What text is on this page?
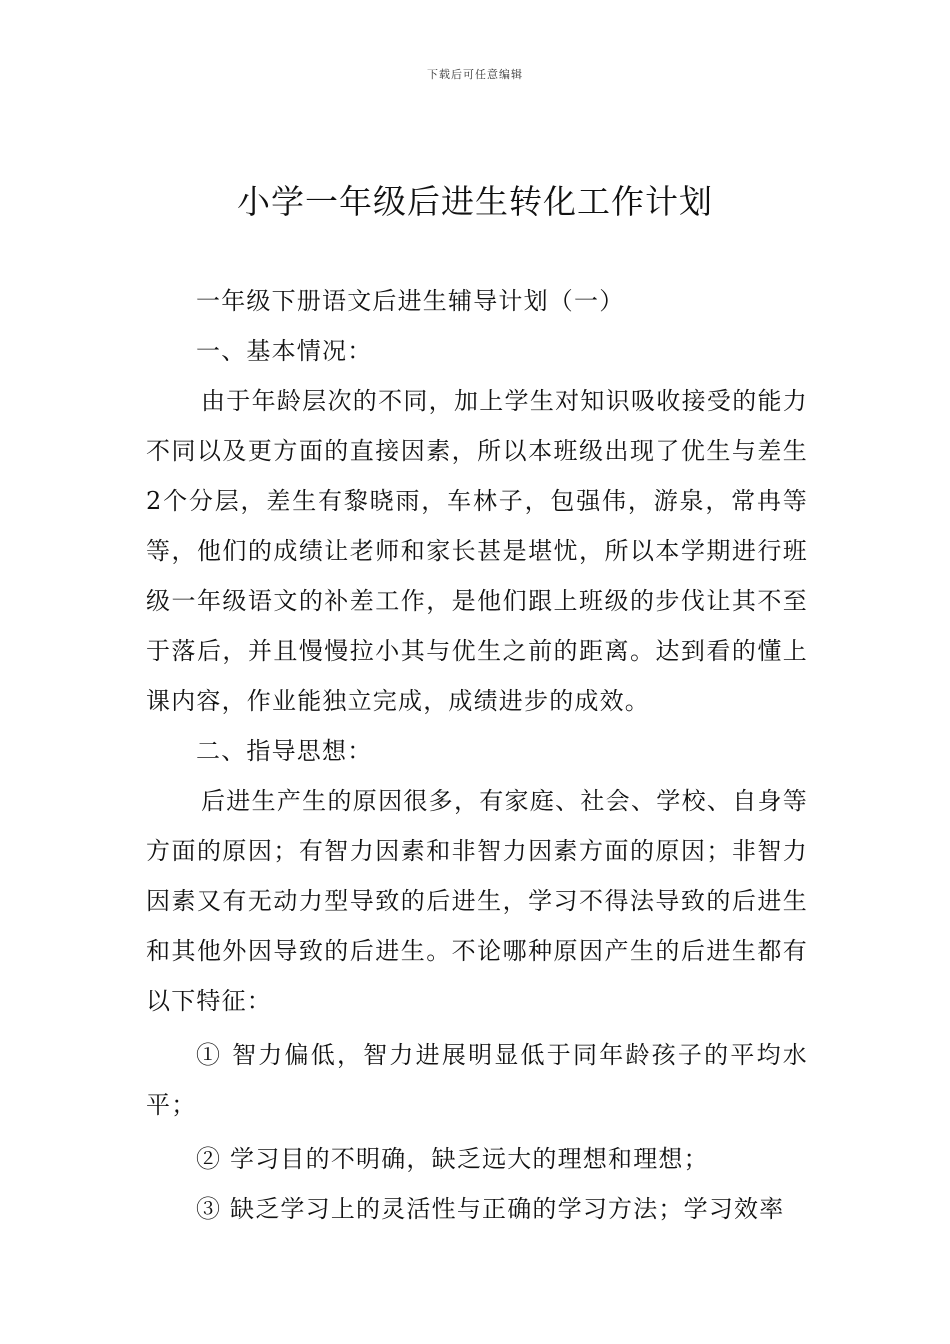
下载后可任意编辑
小学一年级后进生转化工作计划

一年级下册语文后进生辅导计划（一）

一、基本情况：

由于年龄层次的不同，加上学生对知识吸收接受的能力不同以及更方面的直接因素，所以本班级出现了优生与差生2个分层，差生有黎晓雨，车林子，包强伟，游泉，常冉等等，他们的成绩让老师和家长甚是堪忧，所以本学期进行班级一年级语文的补差工作，是他们跟上班级的步伐让其不至于落后，并且慢慢拉小其与优生之前的距离。达到看的懂上课内容，作业能独立完成，成绩进步的成效。

二、指导思想：

后进生产生的原因很多，有家庭、社会、学校、自身等方面的原因；有智力因素和非智力因素方面的原因；非智力因素又有无动力型导致的后进生，学习不得法导致的后进生和其他外因导致的后进生。不论哪种原因产生的后进生都有以下特征：

① 智力偏低，智力进展明显低于同年龄孩子的平均水平；

② 学习目的不明确，缺乏远大的理想和理想；

③ 缺乏学习上的灵活性与正确的学习方法；学习效率
